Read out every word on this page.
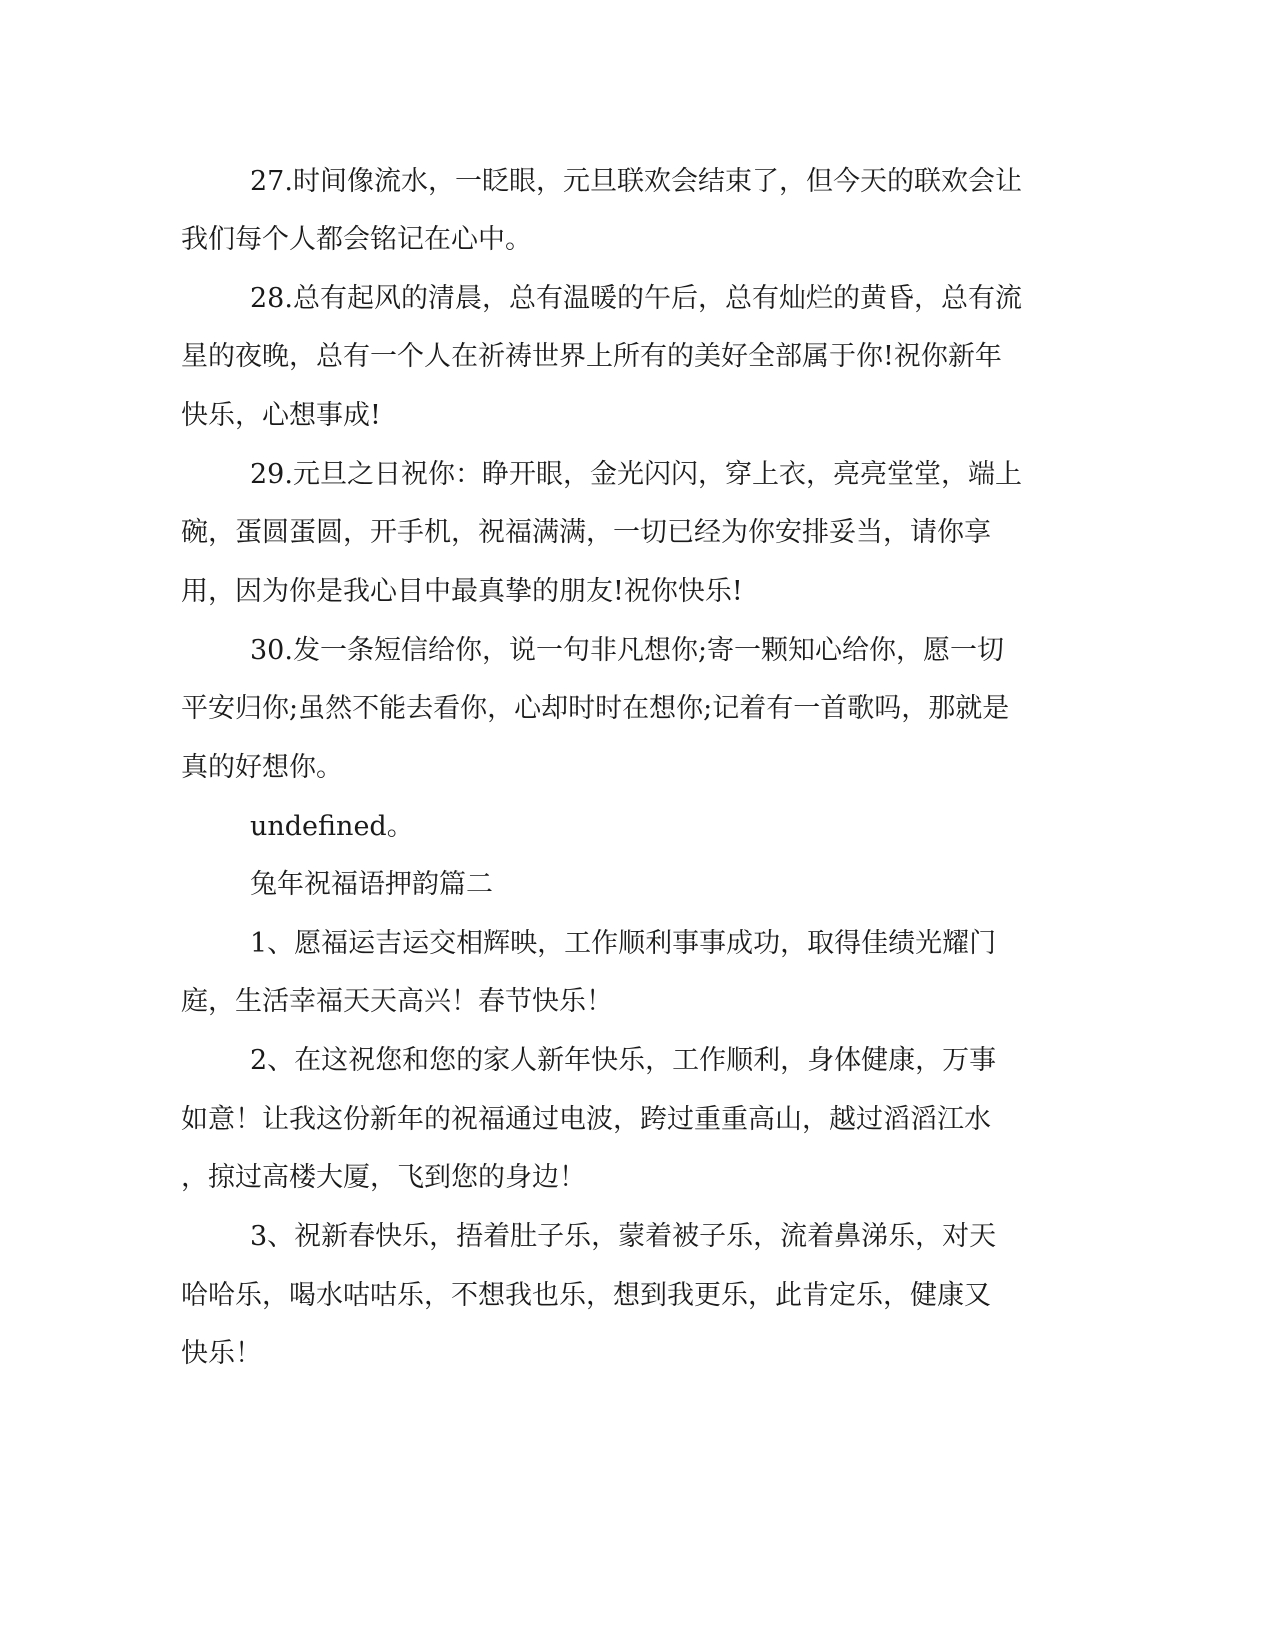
27.时间像流水，一眨眼，元旦联欢会结束了，但今天的联欢会让

我们每个人都会铭记在心中。

28.总有起风的清晨，总有温暖的午后，总有灿烂的黄昏，总有流

星的夜晚，总有一个人在祈祷世界上所有的美好全部属于你!祝你新年

快乐，心想事成!

29.元旦之日祝你：睁开眼，金光闪闪，穿上衣，亮亮堂堂，端上

碗，蛋圆蛋圆，开手机，祝福满满，一切已经为你安排妥当，请你享

用，因为你是我心目中最真挚的朋友!祝你快乐!

30.发一条短信给你，说一句非凡想你;寄一颗知心给你，愿一切

平安归你;虽然不能去看你，心却时时在想你;记着有一首歌吗，那就是

真的好想你。

undefined。

兔年祝福语押韵篇二

1、愿福运吉运交相辉映，工作顺利事事成功，取得佳绩光耀门

庭，生活幸福天天高兴！春节快乐！

2、在这祝您和您的家人新年快乐，工作顺利，身体健康，万事

如意！让我这份新年的祝福通过电波，跨过重重高山，越过滔滔江水

，掠过高楼大厦，飞到您的身边！

3、祝新春快乐，捂着肚子乐，蒙着被子乐，流着鼻涕乐，对天

哈哈乐，喝水咕咕乐，不想我也乐，想到我更乐，此肯定乐，健康又

快乐！
